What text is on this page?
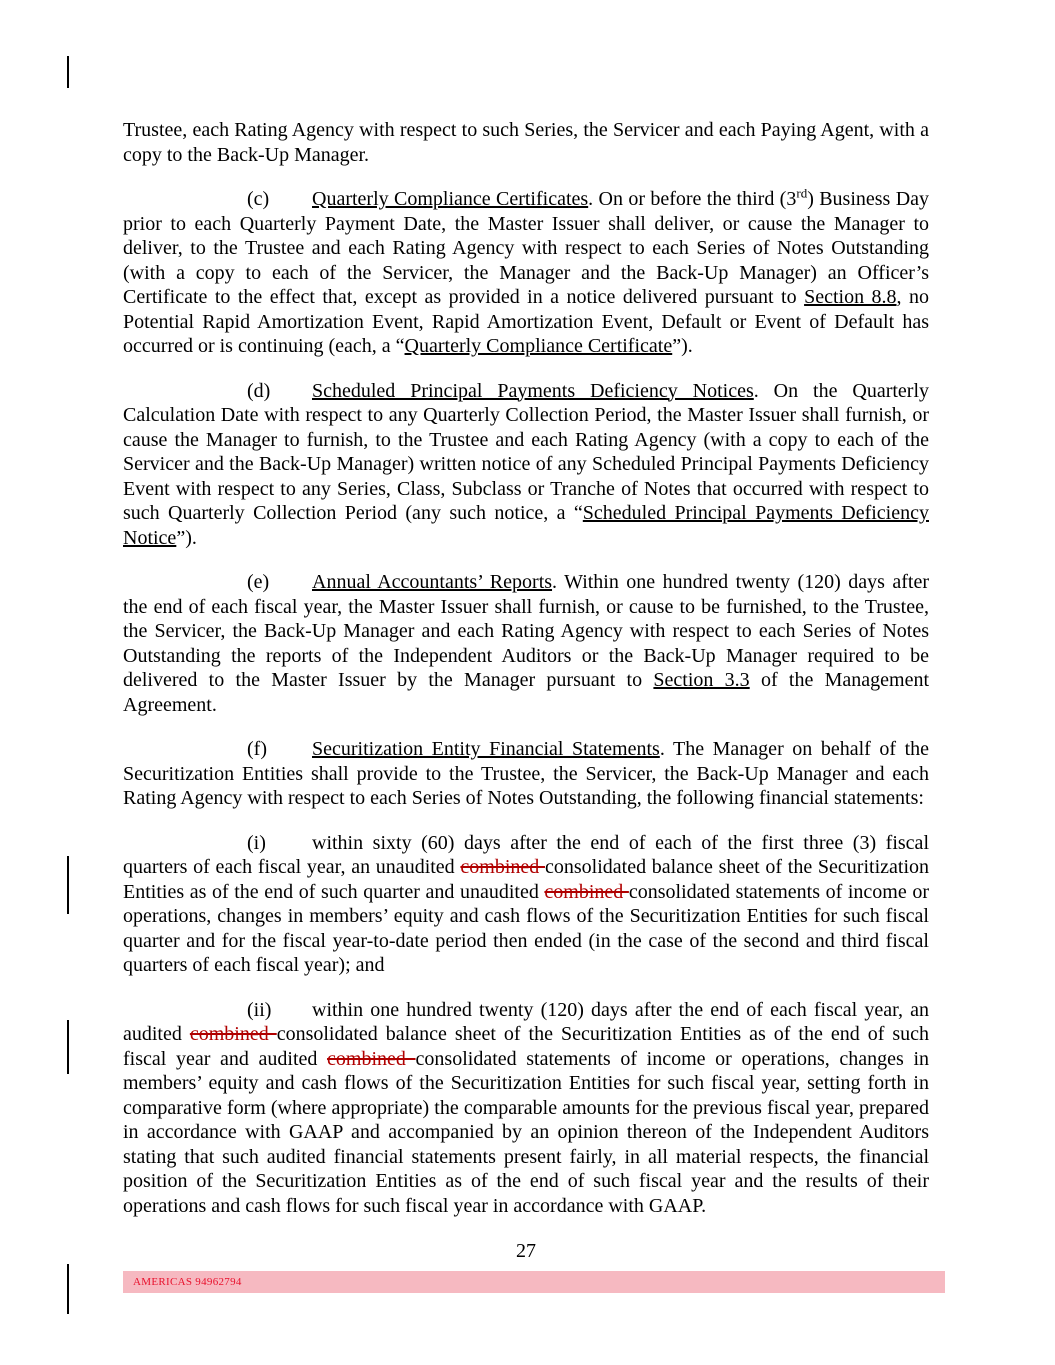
Trustee, each Rating Agency with respect to such Series, the Servicer and each Paying Agent, with a copy to the Back-Up Manager.

(c) Quarterly Compliance Certificates. On or before the third (3rd) Business Day prior to each Quarterly Payment Date, the Master Issuer shall deliver, or cause the Manager to deliver, to the Trustee and each Rating Agency with respect to each Series of Notes Outstanding (with a copy to each of the Servicer, the Manager and the Back-Up Manager) an Officer’s Certificate to the effect that, except as provided in a notice delivered pursuant to Section 8.8, no Potential Rapid Amortization Event, Rapid Amortization Event, Default or Event of Default has occurred or is continuing (each, a “Quarterly Compliance Certificate”).

(d) Scheduled Principal Payments Deficiency Notices. On the Quarterly Calculation Date with respect to any Quarterly Collection Period, the Master Issuer shall furnish, or cause the Manager to furnish, to the Trustee and each Rating Agency (with a copy to each of the Servicer and the Back-Up Manager) written notice of any Scheduled Principal Payments Deficiency Event with respect to any Series, Class, Subclass or Tranche of Notes that occurred with respect to such Quarterly Collection Period (any such notice, a “Scheduled Principal Payments Deficiency Notice”).

(e) Annual Accountants’ Reports. Within one hundred twenty (120) days after the end of each fiscal year, the Master Issuer shall furnish, or cause to be furnished, to the Trustee, the Servicer, the Back-Up Manager and each Rating Agency with respect to each Series of Notes Outstanding the reports of the Independent Auditors or the Back-Up Manager required to be delivered to the Master Issuer by the Manager pursuant to Section 3.3 of the Management Agreement.

(f) Securitization Entity Financial Statements. The Manager on behalf of the Securitization Entities shall provide to the Trustee, the Servicer, the Back-Up Manager and each Rating Agency with respect to each Series of Notes Outstanding, the following financial statements:

(i) within sixty (60) days after the end of each of the first three (3) fiscal quarters of each fiscal year, an unaudited combined consolidated balance sheet of the Securitization Entities as of the end of such quarter and unaudited combined consolidated statements of income or operations, changes in members’ equity and cash flows of the Securitization Entities for such fiscal quarter and for the fiscal year-to-date period then ended (in the case of the second and third fiscal quarters of each fiscal year); and

(ii) within one hundred twenty (120) days after the end of each fiscal year, an audited combined consolidated balance sheet of the Securitization Entities as of the end of such fiscal year and audited combined consolidated statements of income or operations, changes in members’ equity and cash flows of the Securitization Entities for such fiscal year, setting forth in comparative form (where appropriate) the comparable amounts for the previous fiscal year, prepared in accordance with GAAP and accompanied by an opinion thereon of the Independent Auditors stating that such audited financial statements present fairly, in all material respects, the financial position of the Securitization Entities as of the end of such fiscal year and the results of their operations and cash flows for such fiscal year in accordance with GAAP.

27
AMERICAS 94962794
